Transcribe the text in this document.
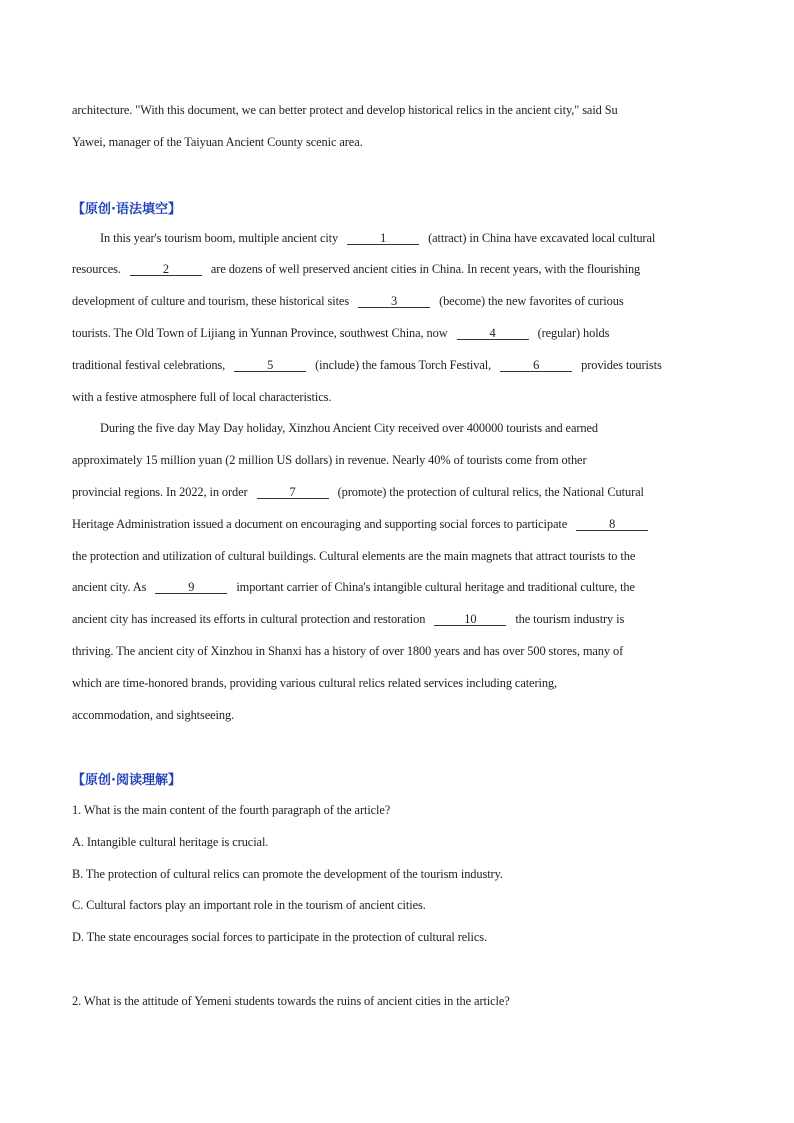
architecture. "With this document, we can better protect and develop historical relics in the ancient city," said Su
Yawei, manager of the Taiyuan Ancient County scenic area.
【原创·语法填空】
In this year's tourism boom, multiple ancient city	1	(attract) in China have excavated local cultural
resources.	2	are dozens of well preserved ancient cities in China. In recent years, with the flourishing
development of culture and tourism, these historical sites	3	(become) the new favorites of curious
tourists. The Old Town of Lijiang in Yunnan Province, southwest China, now	4	(regular) holds
traditional festival celebrations,	5	(include) the famous Torch Festival,	6	provides tourists
with a festive atmosphere full of local characteristics.
During the five day May Day holiday, Xinzhou Ancient City received over 400000 tourists and earned
approximately 15 million yuan (2 million US dollars) in revenue. Nearly 40% of tourists come from other
provincial regions. In 2022, in order	7	(promote) the protection of cultural relics, the National Cutural
Heritage Administration issued a document on encouraging and supporting social forces to participate	8
the protection and utilization of cultural buildings. Cultural elements are the main magnets that attract tourists to the
ancient city. As	9	important carrier of China's intangible cultural heritage and traditional culture, the
ancient city has increased its efforts in cultural protection and restoration	10	the tourism industry is
thriving. The ancient city of Xinzhou in Shanxi has a history of over 1800 years and has over 500 stores, many of
which are time-honored brands, providing various cultural relics related services including catering,
accommodation, and sightseeing.
【原创·阅读理解】
1. What is the main content of the fourth paragraph of the article?
A. Intangible cultural heritage is crucial.
B. The protection of cultural relics can promote the development of the tourism industry.
C. Cultural factors play an important role in the tourism of ancient cities.
D. The state encourages social forces to participate in the protection of cultural relics.
2. What is the attitude of Yemeni students towards the ruins of ancient cities in the article?
